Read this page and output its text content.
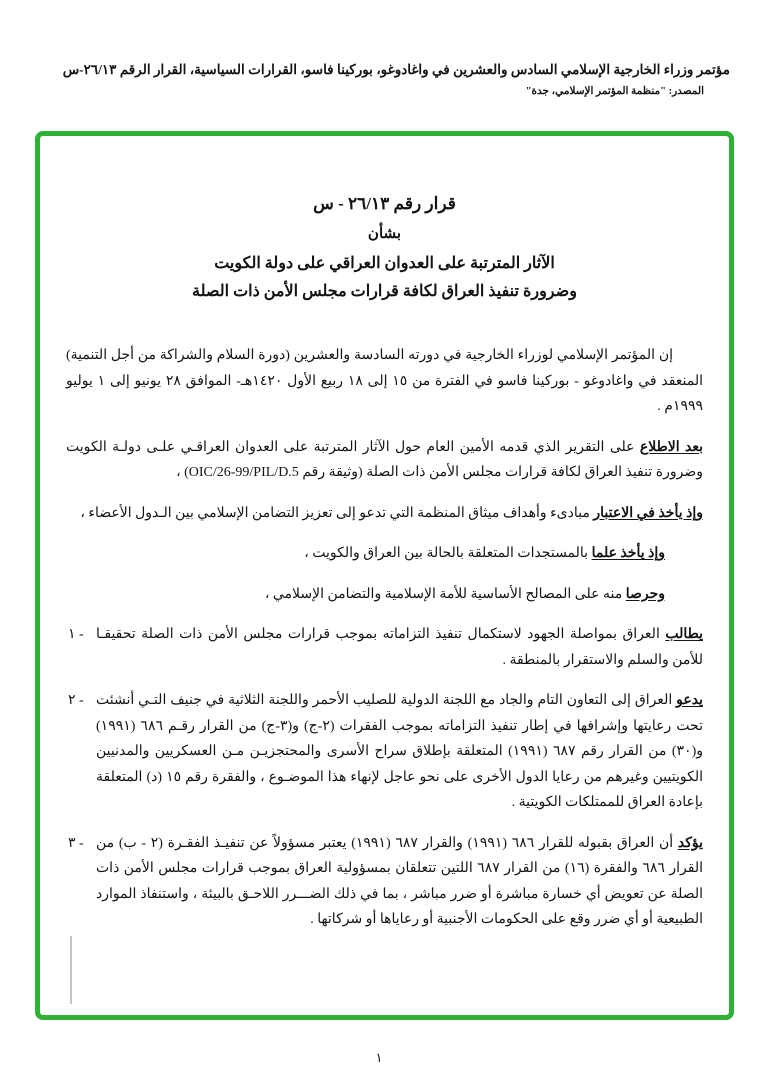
مؤتمر وزراء الخارجية الإسلامي السادس والعشرين في واغادوغو، بوركينا فاسو، القرارات السياسية، القرار الرقم ٢٦/١٣-س
المصدر: "منظمة المؤتمر الإسلامي، جدة"
قرار رقم ٢٦/١٣ - س
بشأن
الآثار المترتبة على العدوان العراقي على دولة الكويت
وضرورة تنفيذ العراق لكافة قرارات مجلس الأمن ذات الصلة

إن المؤتمر الإسلامي لوزراء الخارجية في دورته السادسة والعشرين (دورة السلام والشراكة من أجل التنمية) المنعقد في واغادوغو - بوركينا فاسو في الفترة من ١٥ إلى ١٨ ربيع الأول ١٤٢٠هـ- الموافق ٢٨ يونيو إلى ١ يوليو ١٩٩٩م .

بعد الاطلاع على التقرير الذي قدمه الأمين العام حول الآثار المترتبة على العدوان العراقـي علـى دولـة الكويت وضرورة تنفيذ العراق لكافة قرارات مجلس الأمن ذات الصلة (وثيقة رقم OIC/26-99/PIL/D.5) ،

وإذ يأخذ في الاعتبار مبادىء وأهداف ميثاق المنظمة التي تدعو إلى تعزيز التضامن الإسلامي بين الـدول الأعضاء ،

وإذ يأخذ علما بالمستجدات المتعلقة بالحالة بين العراق والكويت ،

وحرصا منه على المصالح الأساسية للأمة الإسلامية والتضامن الإسلامي ،

١ -	يطالب العراق بمواصلة الجهود لاستكمال تنفيذ التزاماته بموجب قرارات مجلس الأمن ذات الصلة تحقيقـا للأمن والسلم والاستقرار بالمنطقة .

٢ -	يدعو العراق إلى التعاون التام والجاد مع اللجنة الدولية للصليب الأحمر واللجنة الثلاثية في جنيف التـي أنشئت تحت رعايتها وإشرافها في إطار تنفيذ التزاماته بموجب الفقرات (٢-ج) و(٣-ج) من القرار رقـم ٦٨٦ (١٩٩١) و(٣٠) من القرار رقم ٦٨٧ (١٩٩١) المتعلقة بإطلاق سراح الأسرى والمحتجزيـن مـن العسكريين والمدنيين الكويتيين وغيرهم من رعايا الدول الأخرى على نحو عاجل لإنهاء هذا الموضـوع ، والفقرة رقم ١٥ (د) المتعلقة بإعادة العراق للممتلكات الكويتية .

٣ -	يؤكد أن العراق بقبوله للقرار ٦٨٦ (١٩٩١) والقرار ٦٨٧ (١٩٩١) يعتبر مسؤولاً عن تنفيـذ الفقـرة (٢ - ب) من القرار ٦٨٦ والفقرة (١٦) من القرار ٦٨٧ اللتين تتعلقان بمسؤولية العراق بموجب قرارات مجلس الأمن ذات الصلة عن تعويض أي خسارة مباشرة أو ضرر مباشر ، بما في ذلك الضـــرر اللاحـق بالبيئة ، واستنفاذ الموارد الطبيعية أو أي ضرر وقع على الحكومات الأجنبية أو رعاياها أو شركاتها .

١
